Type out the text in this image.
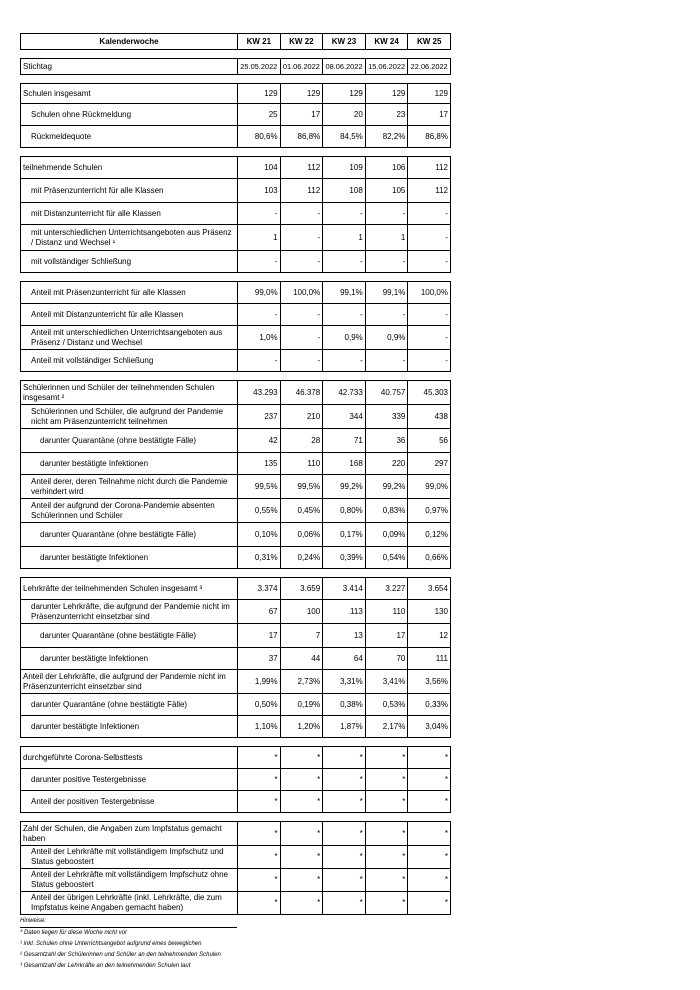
Kalenderwoche	KW 21	KW 22	KW 23	KW 24	KW 25

Stichtag	25.05.2022	01.06.2022	08.06.2022	15.06.2022	22.06.2022

Schulen insgesamt	129	129	129	129	129
Schulen ohne Rückmeldung	25	17	20	23	17
Rückmeldequote	80,6%	86,8%	84,5%	82,2%	86,8%

teilnehmende Schulen	104	112	109	106	112
mit Präsenzunterricht für alle Klassen	103	112	108	105	112
mit Distanzunterricht für alle Klassen	-	-	-	-	-
mit unterschiedlichen Unterrichtsangeboten aus Präsenz / Distanz und Wechsel ¹	1	-	1	1	-
mit vollständiger Schließung	-	-	-	-	-

Anteil mit Präsenzunterricht für alle Klassen	99,0%	100,0%	99,1%	99,1%	100,0%
Anteil mit Distanzunterricht für alle Klassen	-	-	-	-	-
Anteil mit unterschiedlichen Unterrichtsangeboten aus Präsenz / Distanz und Wechsel	1,0%	-	0,9%	0,9%	-
Anteil mit vollständiger Schließung	-	-	-	-	-

Schülerinnen und Schüler der teilnehmenden Schulen insgesamt ²	43.293	46.378	42.733	40.757	45.303
Schülerinnen und Schüler, die aufgrund der Pandemie nicht am Präsenzunterricht teilnehmen	237	210	344	339	438
darunter Quarantäne (ohne bestätigte Fälle)	42	28	71	36	56
darunter bestätigte Infektionen	135	110	168	220	297
Anteil derer, deren Teilnahme nicht durch die Pandemie verhindert wird	99,5%	99,5%	99,2%	99,2%	99,0%
Anteil der aufgrund der Corona-Pandemie absenten Schülerinnen und Schüler	0,55%	0,45%	0,80%	0,83%	0,97%
darunter Quarantäne (ohne bestätigte Fälle)	0,10%	0,06%	0,17%	0,09%	0,12%
darunter bestätigte Infektionen	0,31%	0,24%	0,39%	0,54%	0,66%

Lehrkräfte der teilnehmenden Schulen insgesamt ³	3.374	3.659	3.414	3.227	3.654
darunter Lehrkräfte, die aufgrund der Pandemie nicht im Präsenzunterricht einsetzbar sind	67	100	113	110	130
darunter Quarantäne (ohne bestätigte Fälle)	17	7	13	17	12
darunter bestätigte Infektionen	37	44	64	70	111
Anteil der Lehrkräfte, die aufgrund der Pandemie nicht im Präsenzunterricht einsetzbar sind	1,99%	2,73%	3,31%	3,41%	3,56%
darunter Quarantäne (ohne bestätigte Fälle)	0,50%	0,19%	0,38%	0,53%	0,33%
darunter bestätigte Infektionen	1,10%	1,20%	1,87%	2,17%	3,04%

durchgeführte Corona-Selbsttests	*	*	*	*	*
darunter positive Testergebnisse	*	*	*	*	*
Anteil der positiven Testergebnisse	*	*	*	*	*

Zahl der Schulen, die Angaben zum Impfstatus gemacht haben	*	*	*	*	*
Anteil der Lehrkräfte mit vollständigem Impfschutz und Status geboostert	*	*	*	*	*
Anteil der Lehrkräfte mit vollständigem Impfschutz ohne Status geboostert	*	*	*	*	*
Anteil der übrigen Lehrkräfte (inkl. Lehrkräfte, die zum Impfstatus keine Angaben gemacht haben)	*	*	*	*	*
Hinweise:
* Daten liegen für diese Woche nicht vor
¹ inkl. Schulen ohne Unterrichtsangebot aufgrund eines beweglichen
² Gesamtzahl der Schülerinnen und Schüler an den teilnehmenden Schulen
³ Gesamtzahl der Lehrkräfte an den teilnehmenden Schulen laut
